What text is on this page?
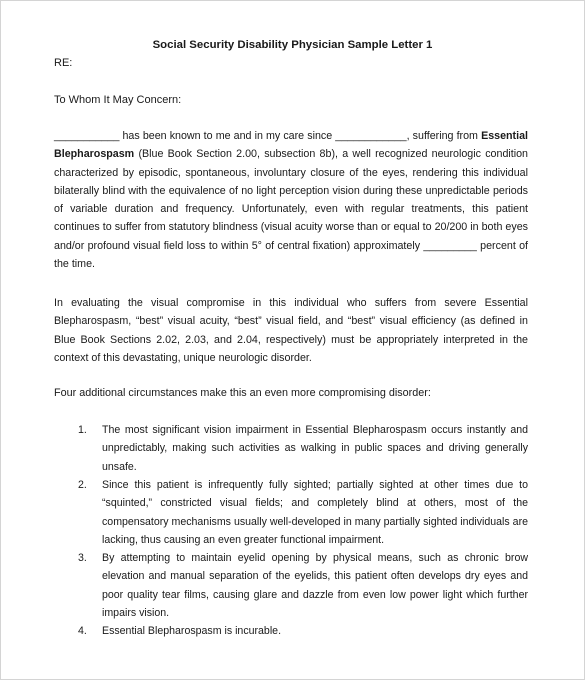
Social Security Disability Physician Sample Letter 1

RE:

To Whom It May Concern:

___________ has been known to me and in my care since ____________, suffering from Essential Blepharospasm (Blue Book Section 2.00, subsection 8b), a well recognized neurologic condition characterized by episodic, spontaneous, involuntary closure of the eyes, rendering this individual bilaterally blind with the equivalence of no light perception vision during these unpredictable periods of variable duration and frequency. Unfortunately, even with regular treatments, this patient continues to suffer from statutory blindness (visual acuity worse than or equal to 20/200 in both eyes and/or profound visual field loss to within 5° of central fixation) approximately _________ percent of the time.

In evaluating the visual compromise in this individual who suffers from severe Essential Blepharospasm, “best” visual acuity, “best” visual field, and “best” visual efficiency (as defined in Blue Book Sections 2.02, 2.03, and 2.04, respectively) must be appropriately interpreted in the context of this devastating, unique neurologic disorder.

Four additional circumstances make this an even more compromising disorder:

1. The most significant vision impairment in Essential Blepharospasm occurs instantly and unpredictably, making such activities as walking in public spaces and driving generally unsafe.
2. Since this patient is infrequently fully sighted; partially sighted at other times due to “squinted,” constricted visual fields; and completely blind at others, most of the compensatory mechanisms usually well-developed in many partially sighted individuals are lacking, thus causing an even greater functional impairment.
3. By attempting to maintain eyelid opening by physical means, such as chronic brow elevation and manual separation of the eyelids, this patient often develops dry eyes and poor quality tear films, causing glare and dazzle from even low power light which further impairs vision.
4. Essential Blepharospasm is incurable.
